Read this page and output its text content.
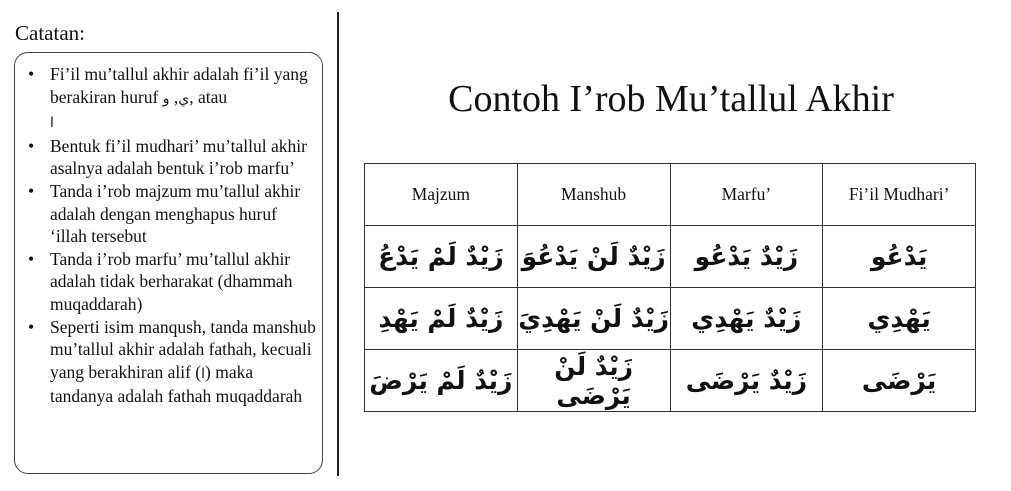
Catatan:
• Fi’il mu’tallul akhir adalah fi’il yang berakiran huruf ي, و , atau
ا
• Bentuk fi’il mudhari’ mu’tallul akhir asalnya adalah bentuk i’rob marfu’
• Tanda i’rob majzum mu’tallul akhir adalah dengan menghapus huruf ‘illah tersebut
• Tanda i’rob marfu’ mu’tallul akhir adalah tidak berharakat (dhammah muqaddarah)
• Seperti isim manqush, tanda manshub mu’tallul akhir adalah fathah, kecuali yang berakhiran alif (ا) maka tandanya adalah fathah muqaddarah
Contoh I’rob Mu’tallul Akhir
Majzum	Manshub	Marfu’	Fi’il Mudhari’
زَيْدٌ لَمْ يَدْعُ	زَيْدٌ لَنْ يَدْعُوَ	زَيْدٌ يَدْعُو	يَدْعُو
زَيْدٌ لَمْ يَهْدِ	زَيْدٌ لَنْ يَهْدِيَ	زَيْدٌ يَهْدِي	يَهْدِي
زَيْدٌ لَمْ يَرْضَ	زَيْدٌ لَنْ يَرْضَى	زَيْدٌ يَرْضَى	يَرْضَى
